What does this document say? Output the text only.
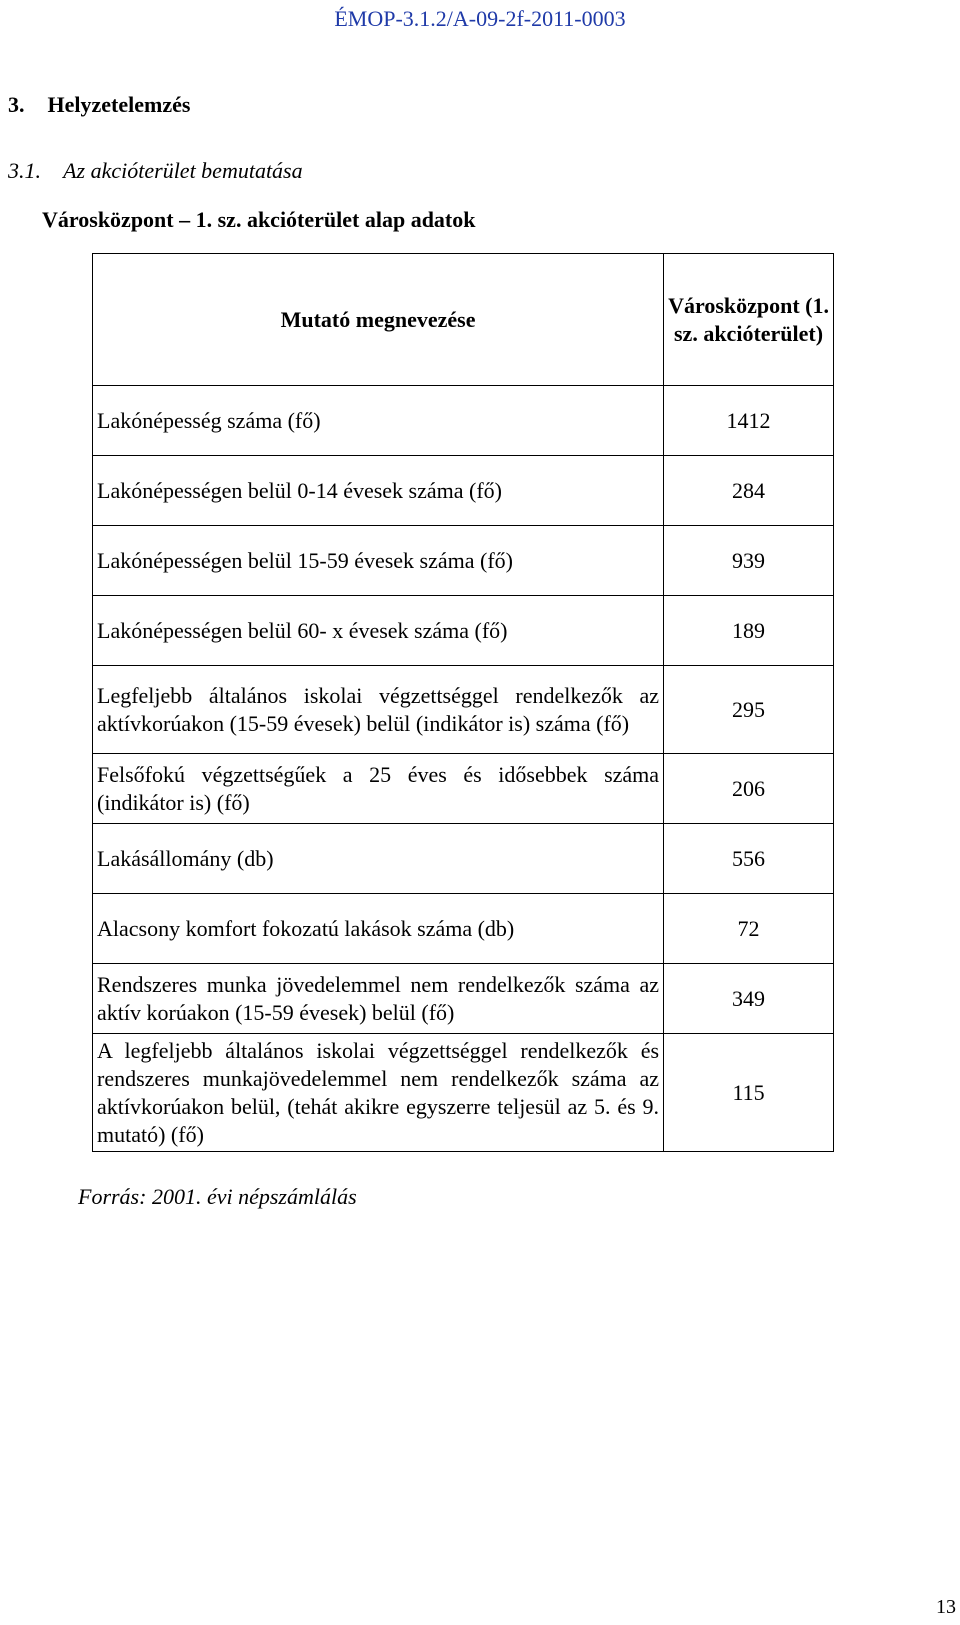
ÉMOP-3.1.2/A-09-2f-2011-0003
3. Helyzetelemzés
3.1. Az akcióterület bemutatása
Városközpont – 1. sz. akcióterület alap adatok
Mutató megnevezése	Városközpont (1. sz. akcióterület)
Lakónépesség száma (fő)	1412
Lakónépességen belül 0-14 évesek száma (fő)	284
Lakónépességen belül 15-59 évesek száma (fő)	939
Lakónépességen belül 60- x évesek száma (fő)	189
Legfeljebb általános iskolai végzettséggel rendelkezők az aktívkorúakon (15-59 évesek) belül (indikátor is) száma (fő)	295
Felsőfokú végzettségűek a 25 éves és idősebbek száma (indikátor is) (fő)	206
Lakásállomány (db)	556
Alacsony komfort fokozatú lakások száma (db)	72
Rendszeres munka jövedelemmel nem rendelkezők száma az aktív korúakon (15-59 évesek) belül (fő)	349
A legfeljebb általános iskolai végzettséggel rendelkezők és rendszeres munkajövedelemmel nem rendelkezők száma az aktívkorúakon belül, (tehát akikre egyszerre teljesül az 5. és 9. mutató) (fő)	115
Forrás: 2001. évi népszámlálás
13
